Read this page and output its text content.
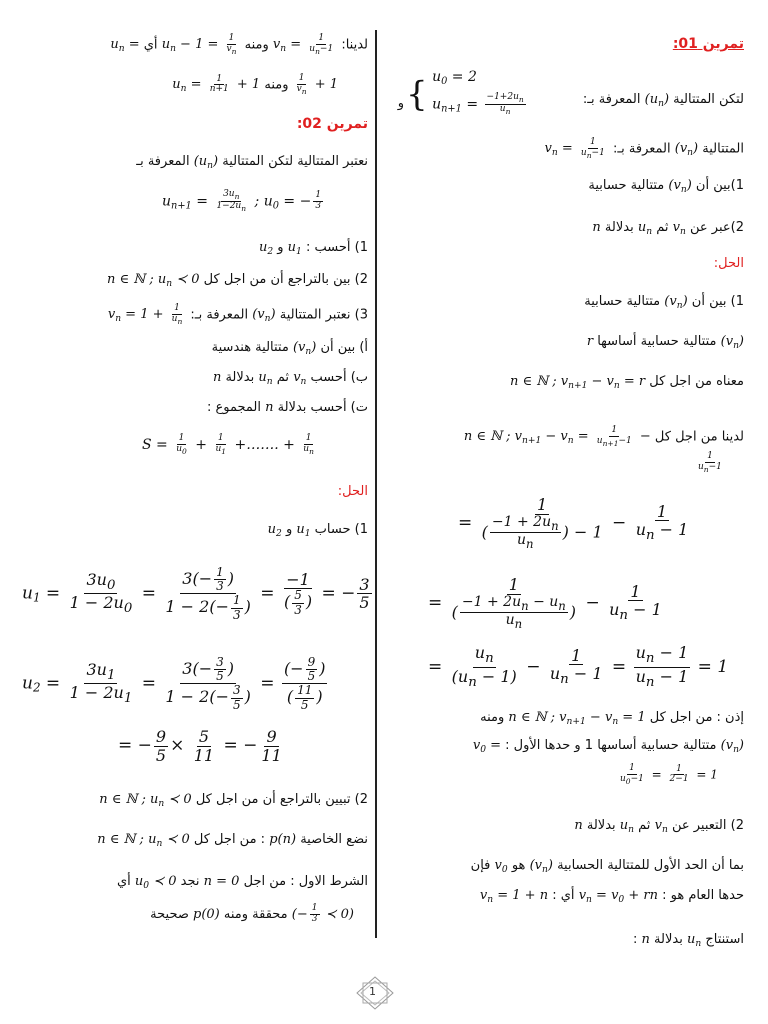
تمرين 01:
لتكن المتتالية $(u_n)$ المعرفة بـ:
{ $u_0 = 2$
$u_{n+1} = \frac{-1+2u_n}{u_n}$
و
المتتالية $(v_n)$ المعرفة بـ: $v_n = \frac{1}{u_n-1}$
1)بين أن $(v_n)$ متتالية حسابية
2)عبر عن $v_n$ ثم $u_n$ بدلالة n
الحل:
1) بين أن $(v_n)$ متتالية حسابية
$(v_n)$ متتالية حسابية أساسها r
معناه من اجل كل n ∈ ℕ ; $v_{n+1} - v_n = r$
لدينا من اجل كل n ∈ ℕ ; $v_{n+1} - v_n = \frac{1}{u_{n+1}-1}$ −
$\frac{1}{u_n-1}$
= $\frac{1}{( \frac{-1 + 2u_n}{u_n} ) - 1} - \frac{1}{u_n - 1}$
= $\frac{1}{( \frac{-1 + 2u_n - u_n}{u_n} )} - \frac{1}{u_n - 1}$
= $\frac{u_n}{(u_n - 1)} - \frac{1}{u_n - 1} = \frac{u_n - 1}{u_n - 1} = 1$
إذن : من اجل كل n ∈ ℕ ; $v_{n+1} - v_n = 1$ ومنه
$(v_n)$ متتالية حسابية أساسها 1 و حدها الأول : $v_0$ =
$\frac{1}{u_0-1} = \frac{1}{2-1} = 1$
2) التعبير عن $v_n$ ثم $u_n$ بدلالة n
بما أن الحد الأول للمتتالية الحسابية $(v_n)$ هو $v_0$ فإن
حدها العام هو : $v_n = v_0$ + rn أي : $v_n = 1 + n$
استنتاج $u_n$ بدلالة n :
لدينا: $v_n = \frac{1}{u_n-1}$
ومنه $u_n - 1 = \frac{1}{v_n}$
أي $u_n$ =
$\frac{1}{v_n} + 1$ ومنه $u_n = \frac{1}{n+1} + 1$
تمرين 02:
نعتبر المتتالية لتكن المتتالية $(u_n)$ المعرفة بـ
$u_{n+1} = \frac{3u_n}{1-2u_n}$ ; $u_0$ = − $\frac{1}{3}$
1) أحسب : $u_1$ و $u_2$
2) بين بالتراجع أن من اجل كل n ∈ ℕ ; $u_n$ ≺ 0
3) نعتبر المتتالية $(v_n)$ المعرفة بـ: $v_n = 1 + \frac{1}{u_n}$
أ) بين أن $(v_n)$ متتالية هندسية
ب) أحسب $v_n$ ثم $u_n$ بدلالة n
ت) أحسب بدلالة n المجموع :
$S = \frac{1}{u_0} + \frac{1}{u_1}$ +……. + $\frac{1}{u_n}$
الحل:
1) حساب $u_1$ و $u_2$
$u_1 = \frac{3u_0}{1 - 2u_0} = \frac{3(- \frac{1}{3} )}{1 - 2(- \frac{1}{3} )} = \frac{-1}{( \frac{5}{3} )}$ = − $\frac{3}{5}$
$u_2 = \frac{3u_1}{1 - 2u_1} = \frac{3(- \frac{3}{5} )}{1 - 2(- \frac{3}{5} )} = \frac{(- \frac{9}{5} )}{( \frac{11}{5} )}$
= − $\frac{9}{5} \times \frac{5}{11}$ = − $\frac{9}{11}$
2) تبيين بالتراجع أن من اجل كل n ∈ ℕ ; $u_n$ ≺ 0
نضع الخاصية p(n) : من اجل كل n ∈ ℕ ; $u_n$ ≺ 0
الشرط الاول : من اجل n = 0 نجد $u_0$ ≺ 0 أي
(− $\frac{1}{3}$ ≺ 0) محققة ومنه p(0) صحيحة
1
